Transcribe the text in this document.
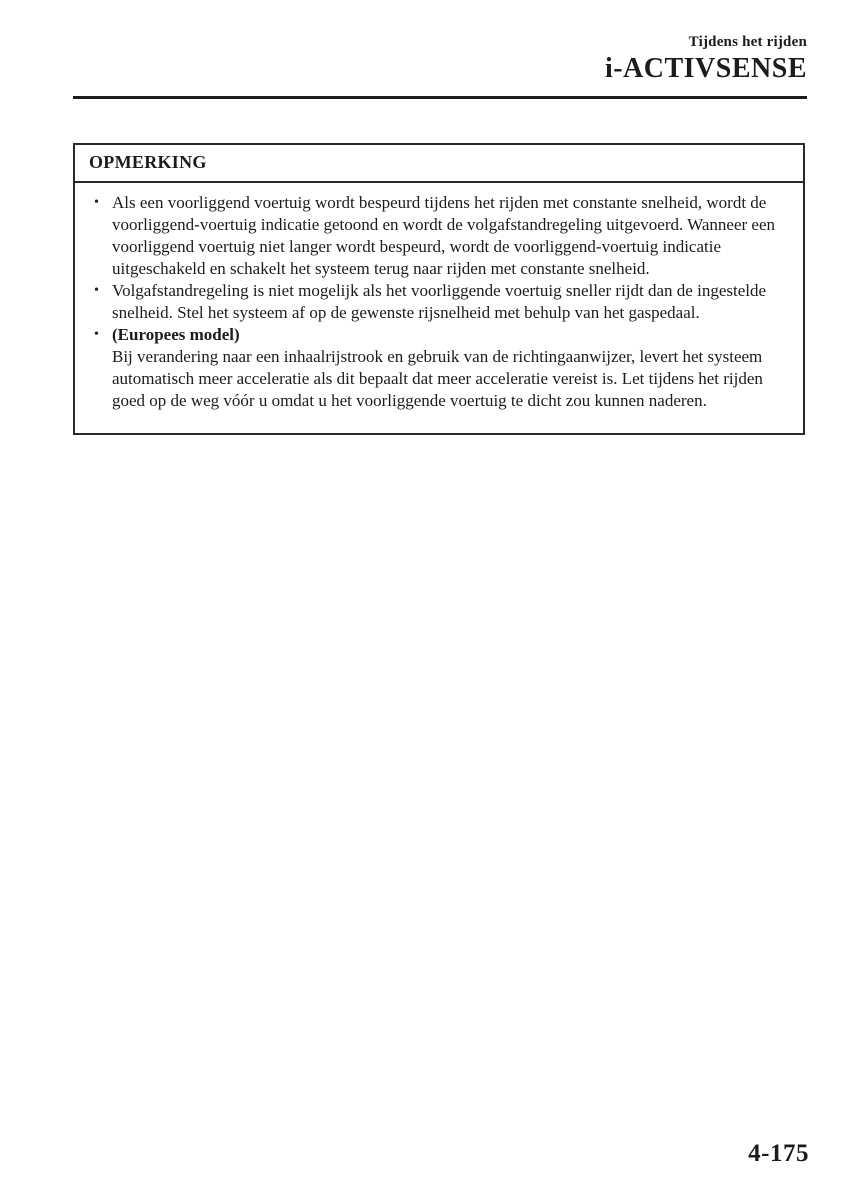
Tijdens het rijden
i-ACTIVSENSE
OPMERKING
• Als een voorliggend voertuig wordt bespeurd tijdens het rijden met constante snelheid, wordt de voorliggend-voertuig indicatie getoond en wordt de volgafstandregeling uitgevoerd. Wanneer een voorliggend voertuig niet langer wordt bespeurd, wordt de voorliggend-voertuig indicatie uitgeschakeld en schakelt het systeem terug naar rijden met constante snelheid.
• Volgafstandregeling is niet mogelijk als het voorliggende voertuig sneller rijdt dan de ingestelde snelheid. Stel het systeem af op de gewenste rijsnelheid met behulp van het gaspedaal.
• (Europees model)
Bij verandering naar een inhaalrijstrook en gebruik van de richtingaanwijzer, levert het systeem automatisch meer acceleratie als dit bepaalt dat meer acceleratie vereist is. Let tijdens het rijden goed op de weg vóór u omdat u het voorliggende voertuig te dicht zou kunnen naderen.
4-175
